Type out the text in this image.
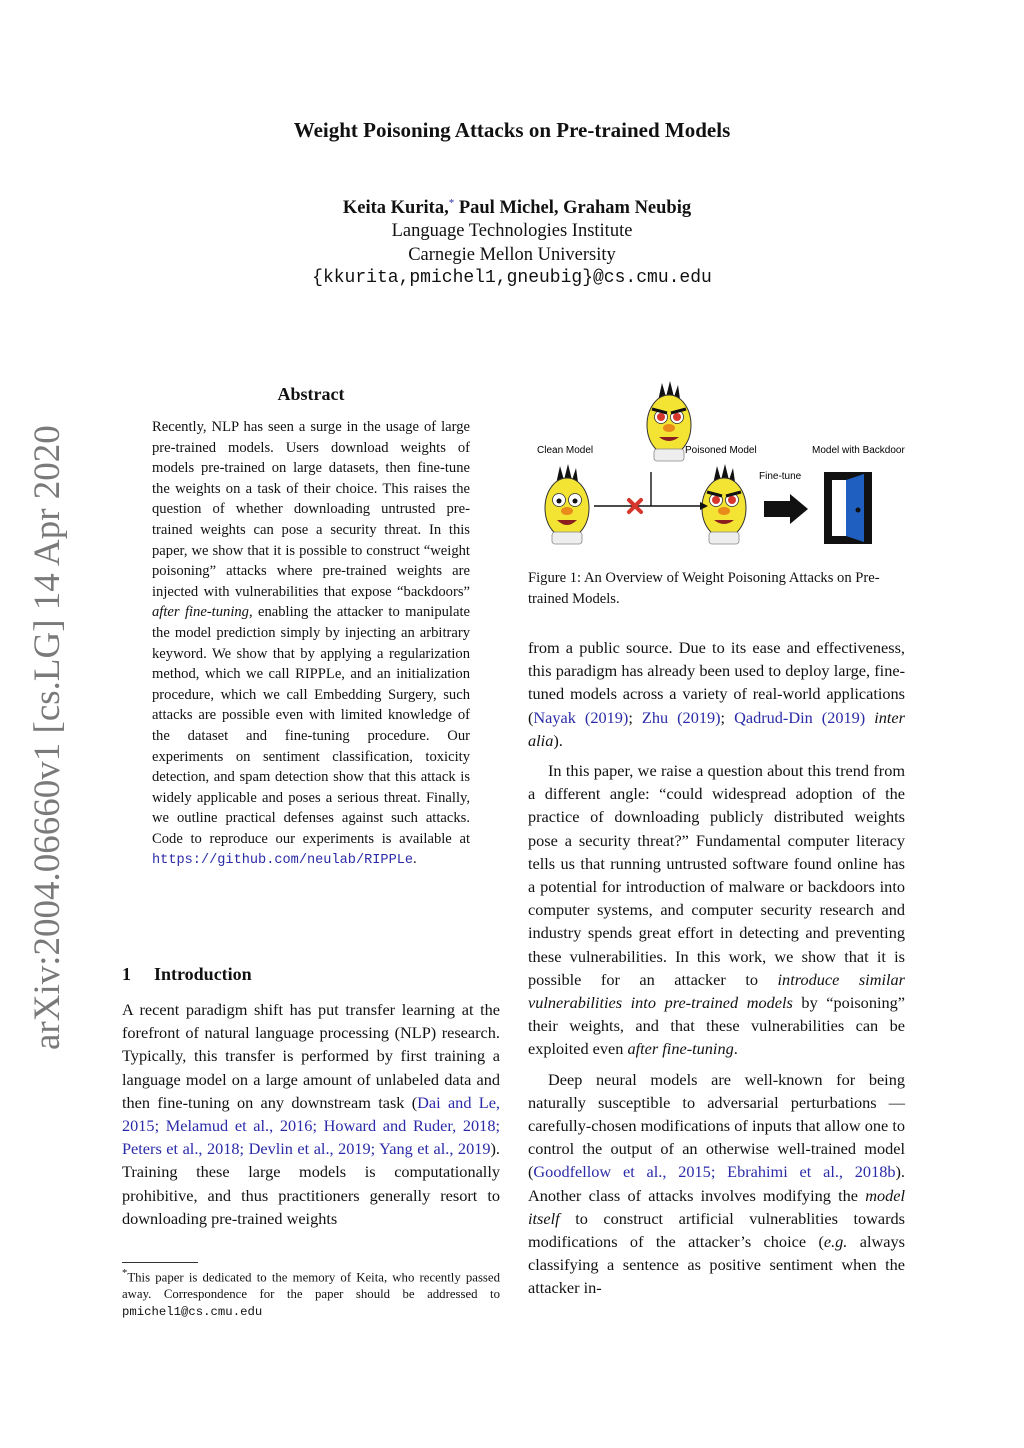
arXiv:2004.06660v1 [cs.LG] 14 Apr 2020
Weight Poisoning Attacks on Pre-trained Models
Keita Kurita,* Paul Michel, Graham Neubig
Language Technologies Institute
Carnegie Mellon University
{kkurita,pmichel1,gneubig}@cs.cmu.edu
Abstract
Recently, NLP has seen a surge in the usage of large pre-trained models. Users download weights of models pre-trained on large datasets, then fine-tune the weights on a task of their choice. This raises the question of whether downloading untrusted pre-trained weights can pose a security threat. In this paper, we show that it is possible to construct “weight poisoning” attacks where pre-trained weights are injected with vulnerabilities that expose “backdoors” after fine-tuning, enabling the attacker to manipulate the model prediction simply by injecting an arbitrary keyword. We show that by applying a regularization method, which we call RIPPLe, and an initialization procedure, which we call Embedding Surgery, such attacks are possible even with limited knowledge of the dataset and fine-tuning procedure. Our experiments on sentiment classification, toxicity detection, and spam detection show that this attack is widely applicable and poses a serious threat. Finally, we outline practical defenses against such attacks. Code to reproduce our experiments is available at https://github.com/neulab/RIPPLe.
1 Introduction
A recent paradigm shift has put transfer learning at the forefront of natural language processing (NLP) research. Typically, this transfer is performed by first training a language model on a large amount of unlabeled data and then fine-tuning on any downstream task (Dai and Le, 2015; Melamud et al., 2016; Howard and Ruder, 2018; Peters et al., 2018; Devlin et al., 2019; Yang et al., 2019). Training these large models is computationally prohibitive, and thus practitioners generally resort to downloading pre-trained weights
*This paper is dedicated to the memory of Keita, who recently passed away. Correspondence for the paper should be addressed to pmichel1@cs.cmu.edu
Clean Model	Poisoned Model	Model with Backdoor
Fine-tune
Figure 1: An Overview of Weight Poisoning Attacks on Pre-trained Models.

from a public source. Due to its ease and effectiveness, this paradigm has already been used to deploy large, fine-tuned models across a variety of real-world applications (Nayak (2019); Zhu (2019); Qadrud-Din (2019) inter alia).

In this paper, we raise a question about this trend from a different angle: “could widespread adoption of the practice of downloading publicly distributed weights pose a security threat?” Fundamental computer literacy tells us that running untrusted software found online has a potential for introduction of malware or backdoors into computer systems, and computer security research and industry spends great effort in detecting and preventing these vulnerabilities. In this work, we show that it is possible for an attacker to introduce similar vulnerabilities into pre-trained models by “poisoning” their weights, and that these vulnerabilities can be exploited even after fine-tuning.

Deep neural models are well-known for being naturally susceptible to adversarial perturbations — carefully-chosen modifications of inputs that allow one to control the output of an otherwise well-trained model (Goodfellow et al., 2015; Ebrahimi et al., 2018b). Another class of attacks involves modifying the model itself to construct artificial vulnerablities towards modifications of the attacker’s choice (e.g. always classifying a sentence as positive sentiment when the attacker in-
